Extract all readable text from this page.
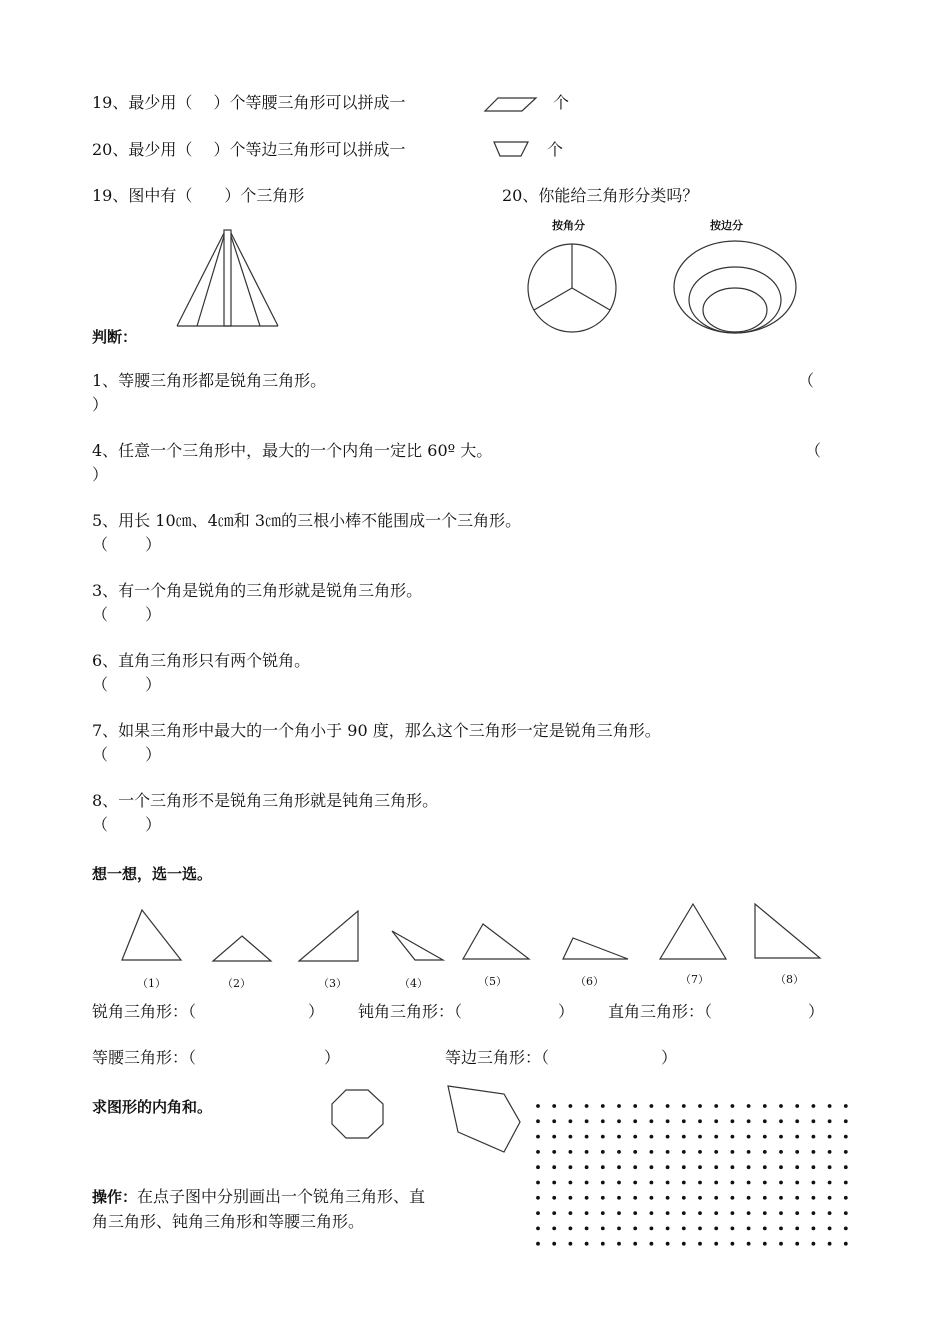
19、最少用（　 ）个等腰三角形可以拼成一	个
20、最少用（　 ）个等边三角形可以拼成一	个
19、图中有（　　）个三角形	20、你能给三角形分类吗？
按角分	按边分
判断：
1、等腰三角形都是锐角三角形。	（
）
4、任意一个三角形中，最大的一个内角一定比 60º 大。	（
）
5、用长 10㎝、4㎝和 3㎝的三根小棒不能围成一个三角形。
（　　 ）
3、有一个角是锐角的三角形就是锐角三角形。
（　　 ）
6、直角三角形只有两个锐角。
（　　 ）
7、如果三角形中最大的一个角小于 90 度，那么这个三角形一定是锐角三角形。
（　　 ）
8、一个三角形不是锐角三角形就是钝角三角形。
（　　 ）
想一想，选一选。
（1）	（2）	（3）	（4）	（5）	（6）	（7）	（8）
锐角三角形：（　　　　　　　） 钝角三角形：（　　　　　　） 直角三角形：（　　　　　　）
等腰三角形：（　　　　　　　　）	等边三角形：（　　　　　　　）
求图形的内角和。
操作：在点子图中分别画出一个锐角三角形、直
角三角形、钝角三角形和等腰三角形。
